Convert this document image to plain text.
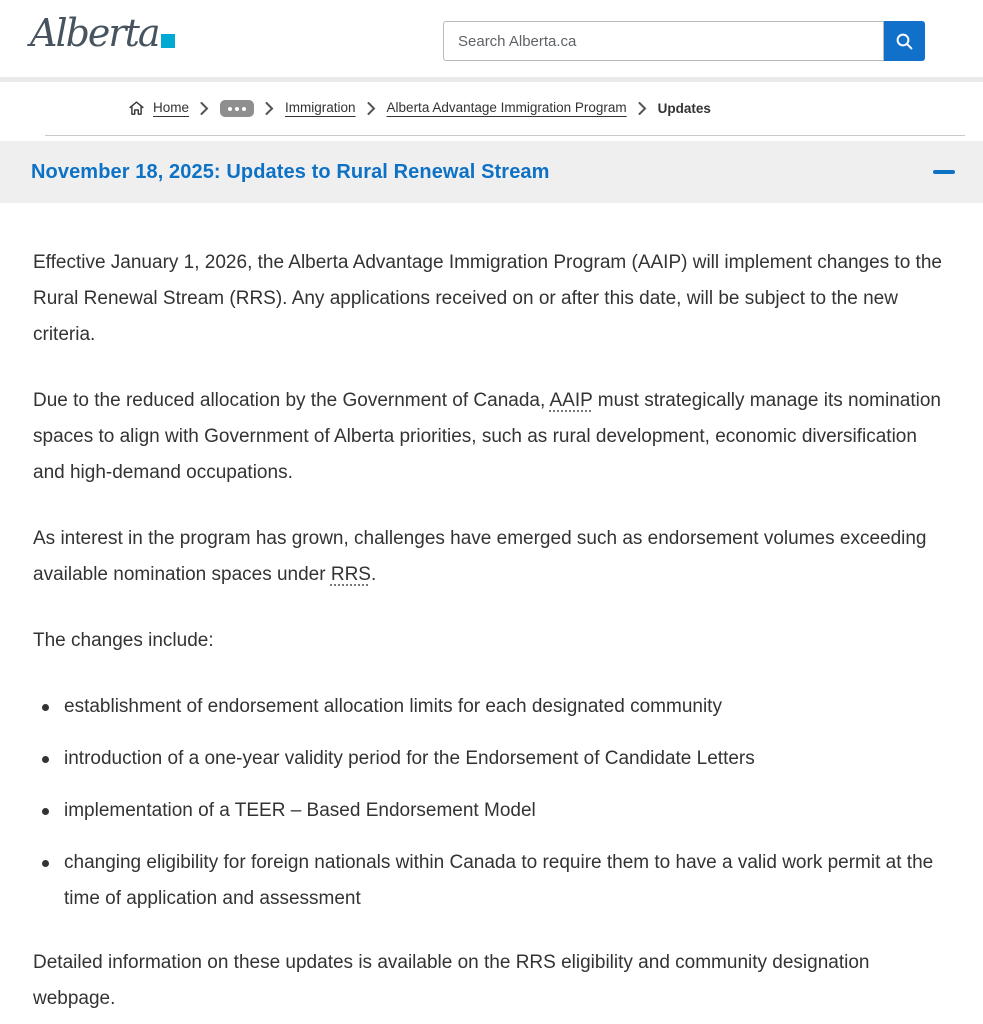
Alberta
Search Alberta.ca
Home	Immigration Alberta Advantage Immigration Program Updates
November 18, 2025: Updates to Rural Renewal Stream

Effective January 1, 2026, the Alberta Advantage Immigration Program (AAIP) will implement changes to the Rural Renewal Stream (RRS). Any applications received on or after this date, will be subject to the new criteria.

Due to the reduced allocation by the Government of Canada, AAIP must strategically manage its nomination spaces to align with Government of Alberta priorities, such as rural development, economic diversification and high-demand occupations.

As interest in the program has grown, challenges have emerged such as endorsement volumes exceeding available nomination spaces under RRS.

The changes include:

establishment of endorsement allocation limits for each designated community
introduction of a one-year validity period for the Endorsement of Candidate Letters
implementation of a TEER – Based Endorsement Model
changing eligibility for foreign nationals within Canada to require them to have a valid work permit at the time of application and assessment

Detailed information on these updates is available on the RRS eligibility and community designation webpage.
